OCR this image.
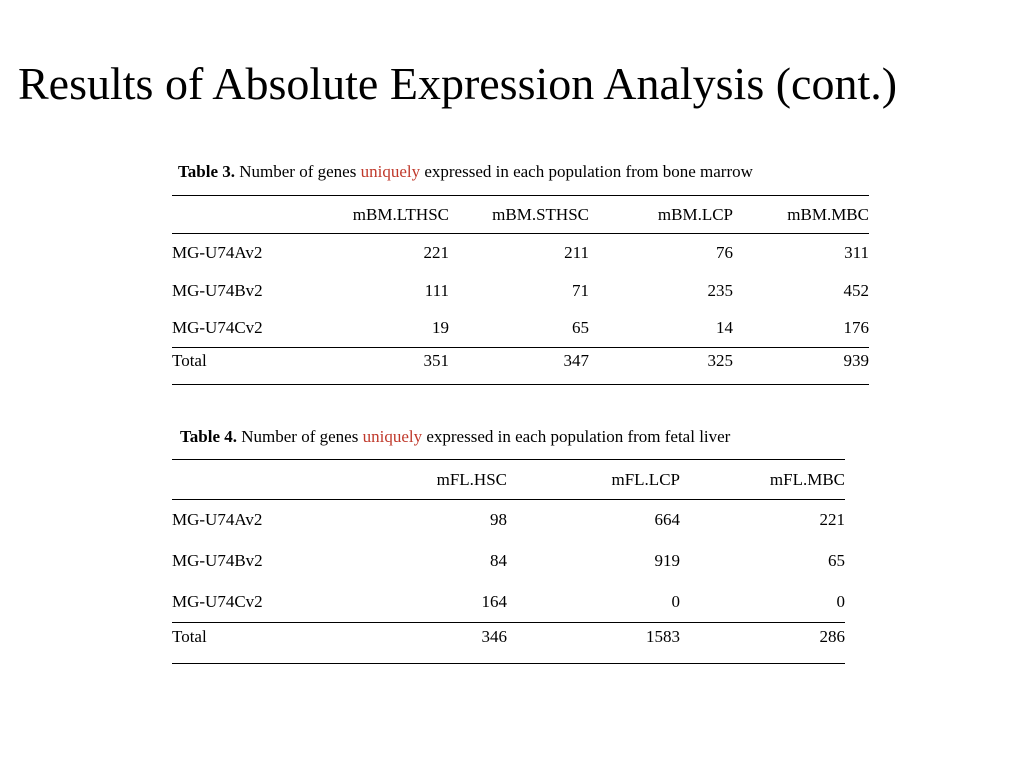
Results of Absolute Expression Analysis (cont.)
Table 3. Number of genes uniquely expressed in each population from bone marrow
	mBM.LTHSC	mBM.STHSC	mBM.LCP	mBM.MBC
MG-U74Av2	221	211	76	311
MG-U74Bv2	111	71	235	452
MG-U74Cv2	19	65	14	176
Total	351	347	325	939
Table 4. Number of genes uniquely expressed in each population from fetal liver
	mFL.HSC	mFL.LCP	mFL.MBC
MG-U74Av2	98	664	221
MG-U74Bv2	84	919	65
MG-U74Cv2	164	0	0
Total	346	1583	286
